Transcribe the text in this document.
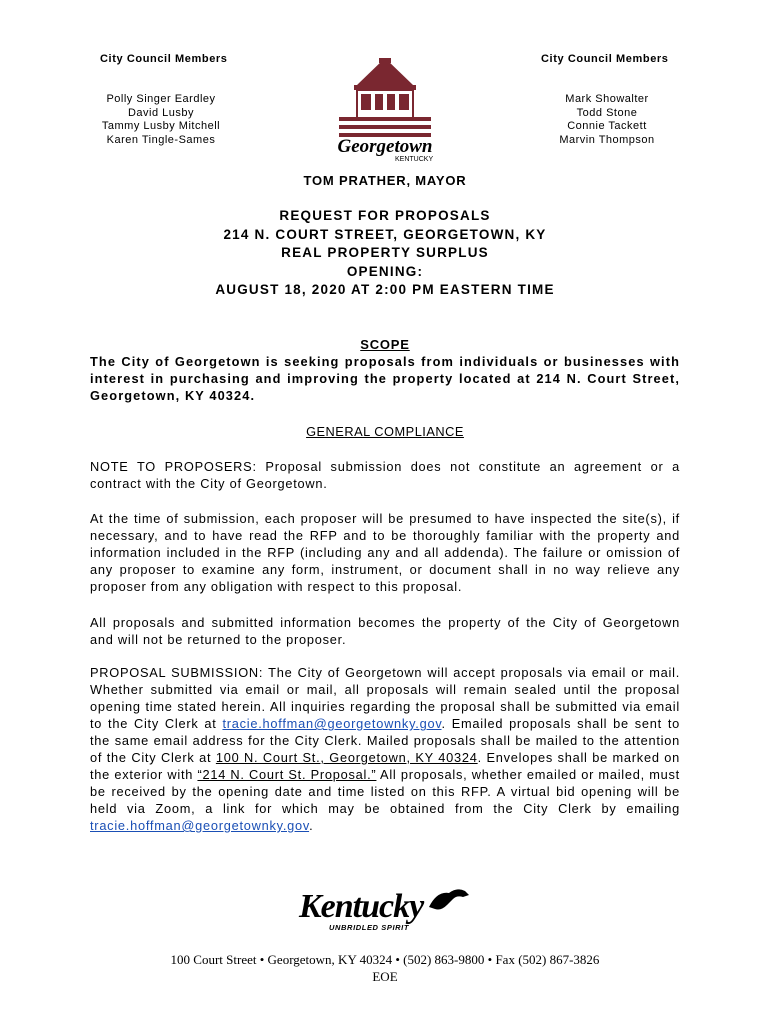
City Council Members	City Council Members
Polly Singer Eardley
David Lusby
Tammy Lusby Mitchell
Karen Tingle-Sames
Mark Showalter
Todd Stone
Connie Tackett
Marvin Thompson
Georgetown
KENTUCKY
TOM PRATHER, MAYOR
REQUEST FOR PROPOSALS
214 N. COURT STREET, GEORGETOWN, KY
REAL PROPERTY SURPLUS
OPENING:
AUGUST 18, 2020 AT 2:00 PM EASTERN TIME
SCOPE
The City of Georgetown is seeking proposals from individuals or businesses with interest in purchasing and improving the property located at 214 N. Court Street, Georgetown, KY 40324.
GENERAL COMPLIANCE
NOTE TO PROPOSERS: Proposal submission does not constitute an agreement or a contract with the City of Georgetown.
At the time of submission, each proposer will be presumed to have inspected the site(s), if necessary, and to have read the RFP and to be thoroughly familiar with the property and information included in the RFP (including any and all addenda). The failure or omission of any proposer to examine any form, instrument, or document shall in no way relieve any proposer from any obligation with respect to this proposal.
All proposals and submitted information becomes the property of the City of Georgetown and will not be returned to the proposer.
PROPOSAL SUBMISSION: The City of Georgetown will accept proposals via email or mail. Whether submitted via email or mail, all proposals will remain sealed until the proposal opening time stated herein. All inquiries regarding the proposal shall be submitted via email to the City Clerk at tracie.hoffman@georgetownky.gov. Emailed proposals shall be sent to the same email address for the City Clerk. Mailed proposals shall be mailed to the attention of the City Clerk at 100 N. Court St., Georgetown, KY 40324. Envelopes shall be marked on the exterior with “214 N. Court St. Proposal.” All proposals, whether emailed or mailed, must be received by the opening date and time listed on this RFP. A virtual bid opening will be held via Zoom, a link for which may be obtained from the City Clerk by emailing tracie.hoffman@georgetownky.gov.
Kentucky
UNBRIDLED SPIRIT
100 Court Street • Georgetown, KY 40324 • (502) 863-9800 • Fax (502) 867-3826
EOE
